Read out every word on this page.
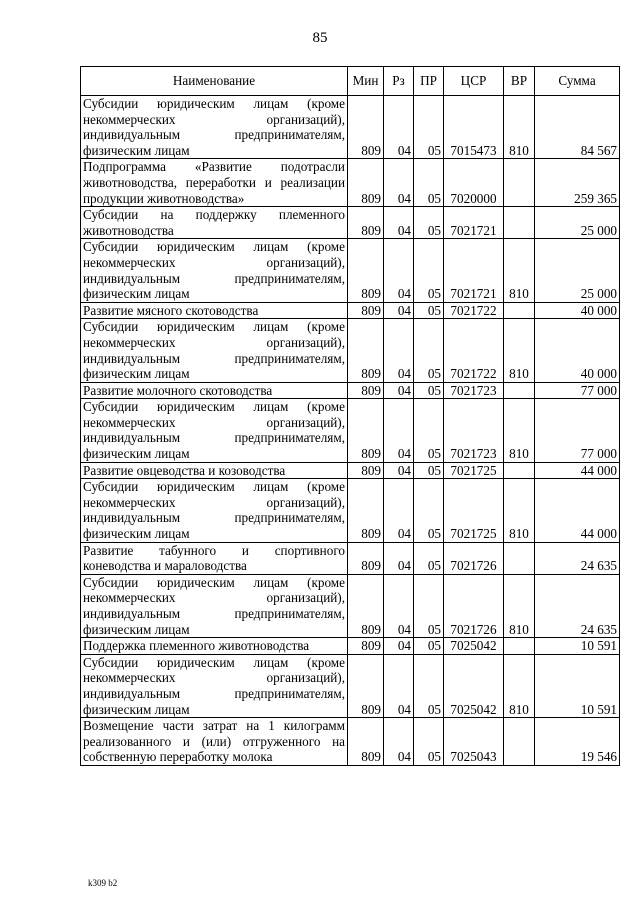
85
Наименование	Мин	Рз	ПР	ЦСР	ВР	Сумма
Субсидии юридическим лицам (кроме некоммерческих организаций), индивидуальным предпринимателям, физическим лицам	809	04	05	7015473	810	84 567
Подпрограмма «Развитие подотрасли животноводства, переработки и реализации продукции животноводства»	809	04	05	7020000		259 365
Субсидии на поддержку племенного животноводства	809	04	05	7021721		25 000
Субсидии юридическим лицам (кроме некоммерческих организаций), индивидуальным предпринимателям, физическим лицам	809	04	05	7021721	810	25 000
Развитие мясного скотоводства	809	04	05	7021722		40 000
Субсидии юридическим лицам (кроме некоммерческих организаций), индивидуальным предпринимателям, физическим лицам	809	04	05	7021722	810	40 000
Развитие молочного скотоводства	809	04	05	7021723		77 000
Субсидии юридическим лицам (кроме некоммерческих организаций), индивидуальным предпринимателям, физическим лицам	809	04	05	7021723	810	77 000
Развитие овцеводства и козоводства	809	04	05	7021725		44 000
Субсидии юридическим лицам (кроме некоммерческих организаций), индивидуальным предпринимателям, физическим лицам	809	04	05	7021725	810	44 000
Развитие табунного и спортивного коневодства и мараловодства	809	04	05	7021726		24 635
Субсидии юридическим лицам (кроме некоммерческих организаций), индивидуальным предпринимателям, физическим лицам	809	04	05	7021726	810	24 635
Поддержка племенного животноводства	809	04	05	7025042		10 591
Субсидии юридическим лицам (кроме некоммерческих организаций), индивидуальным предпринимателям, физическим лицам	809	04	05	7025042	810	10 591
Возмещение части затрат на 1 килограмм реализованного и (или) отгруженного на собственную переработку молока	809	04	05	7025043		19 546
k309 b2
